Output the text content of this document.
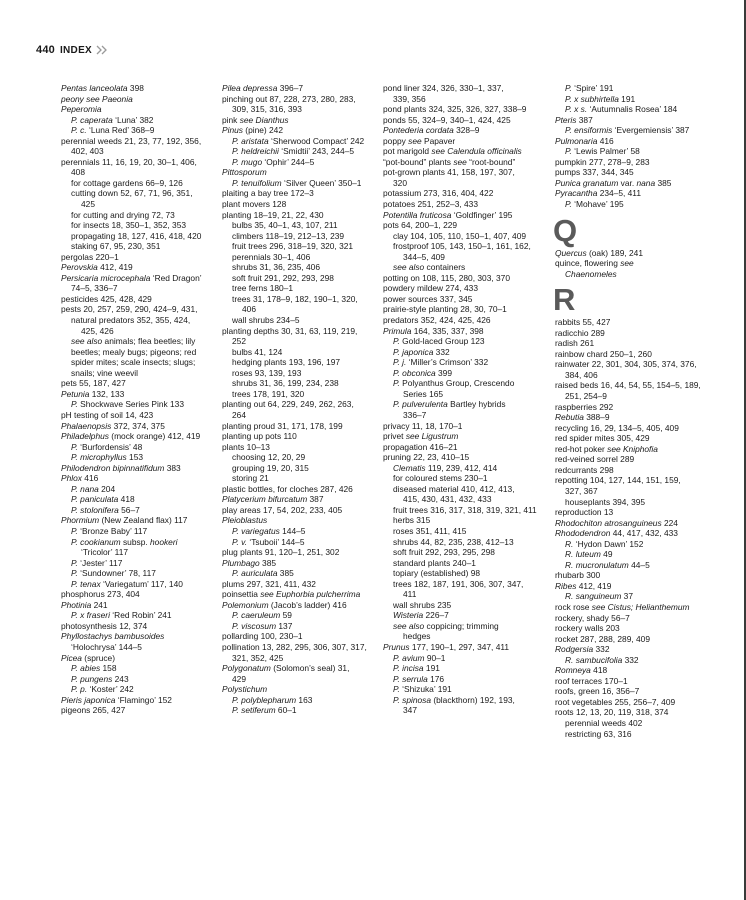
440 INDEX
Pentas lanceolata 398
peony see Paeonia
Peperomia
P. caperata ‘Luna’ 382
P. c. ‘Luna Red’ 368–9
perennial weeds 21, 23, 77, 192, 356,
402, 403
perennials 11, 16, 19, 20, 30–1, 406,
408
for cottage gardens 66–9, 126
cutting down 52, 67, 71, 96, 351,
425
for cutting and drying 72, 73
for insects 18, 350–1, 352, 353
propagating 18, 127, 416, 418, 420
staking 67, 95, 230, 351
pergolas 220–1
Perovskia 412, 419
Persicaria microcephala ‘Red Dragon’
74–5, 336–7
pesticides 425, 428, 429
pests 20, 257, 259, 290, 424–9, 431,
natural predators 352, 355, 424,
425, 426
see also animals; flea beetles; lily
beetles; mealy bugs; pigeons; red
spider mites; scale insects; slugs;
snails; vine weevil
pets 55, 187, 427
Petunia 132, 133
P. Shockwave Series Pink 133
pH testing of soil 14, 423
Phalaenopsis 372, 374, 375
Philadelphus (mock orange) 412, 419
P. ‘Burfordensis’ 48
P. microphyllus 153
Philodendron bipinnatifidum 383
Phlox 416
P. nana 204
P. paniculata 418
P. stolonifera 56–7
Phormium (New Zealand flax) 117
P. ‘Bronze Baby’ 117
P. cookianum subsp. hookeri
‘Tricolor’ 117
P. ‘Jester’ 117
P. ‘Sundowner’ 78, 117
P. tenax ‘Variegatum’ 117, 140
phosphorus 273, 404
Photinia 241
P. x fraseri ‘Red Robin’ 241
photosynthesis 12, 374
Phyllostachys bambusoides
‘Holochrysa’ 144–5
Picea (spruce)
P. abies 158
P. pungens 243
P. p. ‘Koster’ 242
Pieris japonica ‘Flamingo’ 152
pigeons 265, 427
Pilea depressa 396–7
pinching out 87, 228, 273, 280, 283,
309, 315, 316, 393
pink see Dianthus
Pinus (pine) 242
P. aristata ‘Sherwood Compact’ 242
P. heldreichii ‘Smidtii’ 243, 244–5
P. mugo ‘Ophir’ 244–5
Pittosporum
P. tenuifolium ‘Silver Queen’ 350–1
plaiting a bay tree 172–3
plant movers 128
planting 18–19, 21, 22, 430
bulbs 35, 40–1, 43, 107, 211
climbers 118–19, 212–13, 239
fruit trees 296, 318–19, 320, 321
perennials 30–1, 406
shrubs 31, 36, 235, 406
soft fruit 291, 292, 293, 298
tree ferns 180–1
trees 31, 178–9, 182, 190–1, 320,
406
wall shrubs 234–5
planting depths 30, 31, 63, 119, 219,
252
bulbs 41, 124
hedging plants 193, 196, 197
roses 93, 139, 193
shrubs 31, 36, 199, 234, 238
trees 178, 191, 320
planting out 64, 229, 249, 262, 263,
264
planting proud 31, 171, 178, 199
planting up pots 110
plants 10–13
choosing 12, 20, 29
grouping 19, 20, 315
storing 21
plastic bottles, for cloches 287, 426
Platycerium bifurcatum 387
play areas 17, 54, 202, 233, 405
Pleioblastus
P. variegatus 144–5
P. v. ‘Tsuboii’ 144–5
plug plants 91, 120–1, 251, 302
Plumbago 385
P. auriculata 385
plums 297, 321, 411, 432
poinsettia see Euphorbia pulcherrima
Polemonium (Jacob’s ladder) 416
P. caeruleum 59
P. viscosum 137
pollarding 100, 230–1
pollination 13, 282, 295, 306, 307, 317,
321, 352, 425
Polygonatum (Solomon’s seal) 31,
429
Polystichum
P. polyblepharum 163
P. setiferum 60–1
pond liner 324, 326, 330–1, 337,
339, 356
pond plants 324, 325, 326, 327, 338–9
ponds 55, 324–9, 340–1, 424, 425
Pontederia cordata 328–9
poppy see Papaver
pot marigold see Calendula officinalis
“pot-bound” plants see “root-bound”
pot-grown plants 41, 158, 197, 307,
320
potassium 273, 316, 404, 422
potatoes 251, 252–3, 433
Potentilla fruticosa ‘Goldfinger’ 195
pots 64, 200–1, 229
clay 104, 105, 110, 150–1, 407, 409
frostproof 105, 143, 150–1, 161, 162,
344–5, 409
see also containers
potting on 108, 115, 280, 303, 370
powdery mildew 274, 433
power sources 337, 345
prairie-style planting 28, 30, 70–1
predators 352, 424, 425, 426
Primula 164, 335, 337, 398
P. Gold-laced Group 123
P. japonica 332
P. j. ‘Miller’s Crimson’ 332
P. obconica 399
P. Polyanthus Group, Crescendo
Series 165
P. pulverulenta Bartley hybrids
336–7
privacy 11, 18, 170–1
privet see Ligustrum
propagation 416–21
pruning 22, 23, 410–15
Clematis 119, 239, 412, 414
for coloured stems 230–1
diseased material 410, 412, 413,
415, 430, 431, 432, 433
fruit trees 316, 317, 318, 319, 321, 411
herbs 315
roses 351, 411, 415
shrubs 44, 82, 235, 238, 412–13
soft fruit 292, 293, 295, 298
standard plants 240–1
topiary (established) 98
trees 182, 187, 191, 306, 307, 347,
411
wall shrubs 235
Wisteria 226–7
see also coppicing; trimming
hedges
Prunus 177, 190–1, 297, 347, 411
P. avium 90–1
P. incisa 191
P. serrula 176
P. ‘Shizuka’ 191
P. spinosa (blackthorn) 192, 193,
347
P. ‘Spire’ 191
P. x subhirtella 191
P. x s. ‘Autumnalis Rosea’ 184
Pteris 387
P. ensiformis ‘Evergemiensis’ 387
Pulmonaria 416
P. ‘Lewis Palmer’ 58
pumpkin 277, 278–9, 283
pumps 337, 344, 345
Punica granatum var. nana 385
Pyracantha 234–5, 411
P. ‘Mohave’ 195
Q
Quercus (oak) 189, 241
quince, flowering see
Chaenomeles
R
rabbits 55, 427
radicchio 289
radish 261
rainbow chard 250–1, 260
rainwater 22, 301, 304, 305, 374, 376,
384, 406
raised beds 16, 44, 54, 55, 154–5, 189,
251, 254–9
raspberries 292
Rebutia 388–9
recycling 16, 29, 134–5, 405, 409
red spider mites 305, 429
red-hot poker see Kniphofia
red-veined sorrel 289
redcurrants 298
repotting 104, 127, 144, 151, 159,
327, 367
houseplants 394, 395
reproduction 13
Rhodochiton atrosanguineus 224
Rhododendron 44, 417, 432, 433
R. ‘Hydon Dawn’ 152
R. luteum 49
R. mucronulatum 44–5
rhubarb 300
Ribes 412, 419
R. sanguineum 37
rock rose see Cistus; Helianthemum
rockery, shady 56–7
rockery walls 203
rocket 287, 288, 289, 409
Rodgersia 332
R. sambucifolia 332
Romneya 418
roof terraces 170–1
roofs, green 16, 356–7
root vegetables 255, 256–7, 409
roots 12, 13, 20, 119, 318, 374
perennial weeds 402
restricting 63, 316
